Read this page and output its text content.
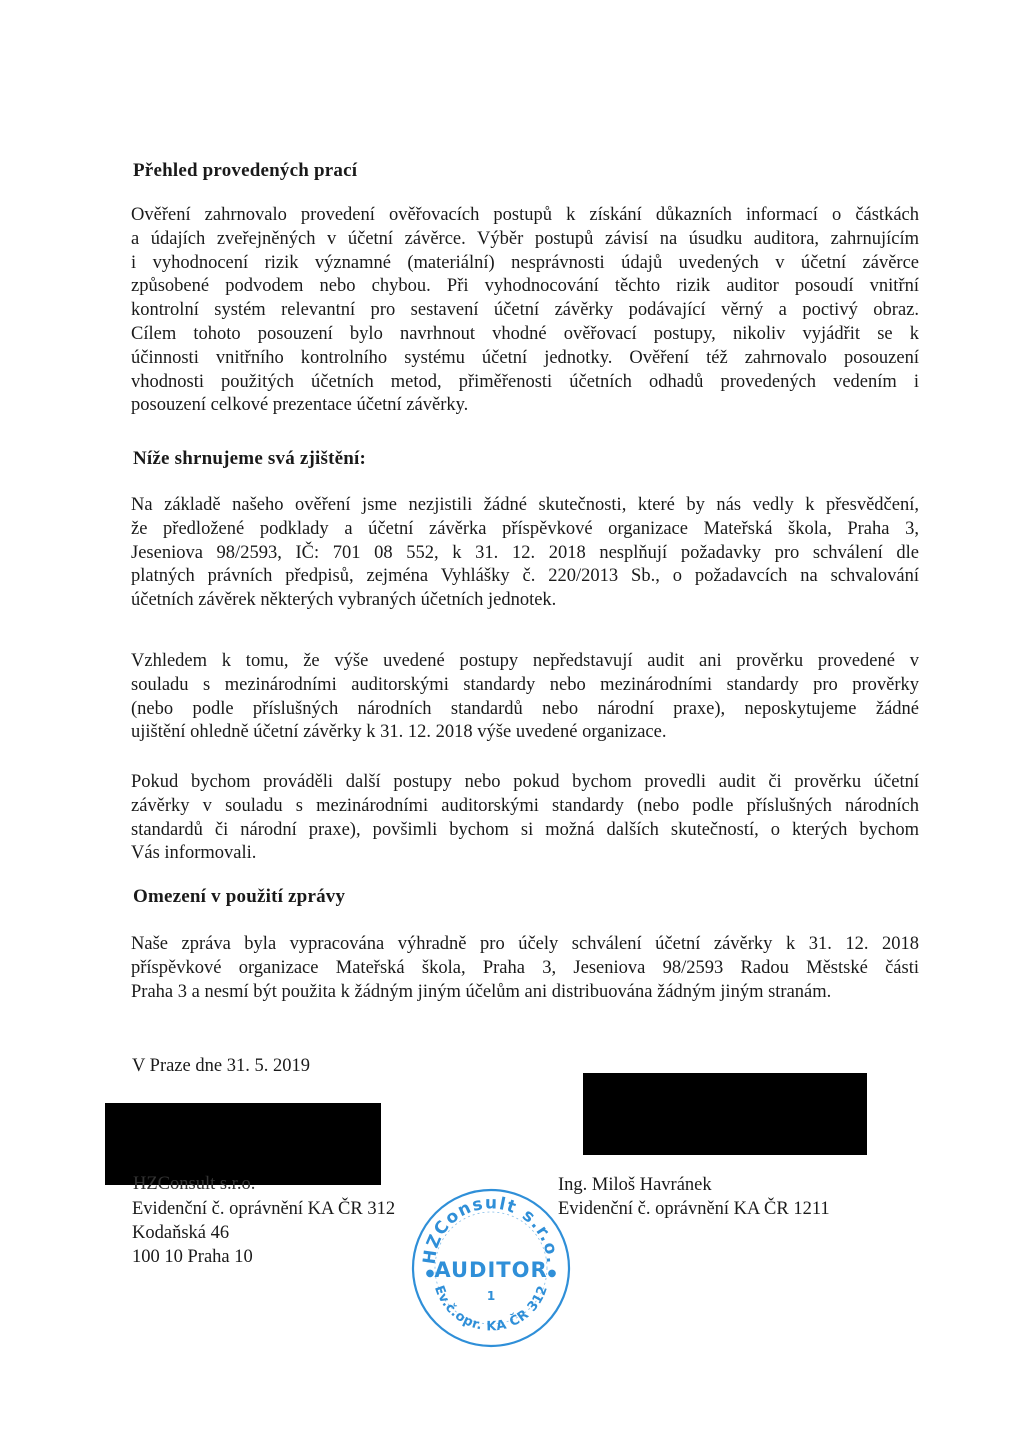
Přehled provedených prací
Ověření zahrnovalo provedení ověřovacích postupů k získání důkazních informací o částkách
a údajích zveřejněných v účetní závěrce. Výběr postupů závisí na úsudku auditora, zahrnujícím
i vyhodnocení rizik významné (materiální) nesprávnosti údajů uvedených v účetní závěrce
způsobené podvodem nebo chybou. Při vyhodnocování těchto rizik auditor posoudí vnitřní
kontrolní systém relevantní pro sestavení účetní závěrky podávající věrný a poctivý obraz.
Cílem tohoto posouzení bylo navrhnout vhodné ověřovací postupy, nikoliv vyjádřit se k
účinnosti vnitřního kontrolního systému účetní jednotky. Ověření též zahrnovalo posouzení
vhodnosti použitých účetních metod, přiměřenosti účetních odhadů provedených vedením i
posouzení celkové prezentace účetní závěrky.
Níže shrnujeme svá zjištění:
Na základě našeho ověření jsme nezjistili žádné skutečnosti, které by nás vedly k přesvědčení,
že předložené podklady a účetní závěrka příspěvkové organizace Mateřská škola, Praha 3,
Jeseniova 98/2593, IČ: 701 08 552, k 31. 12. 2018 nesplňují požadavky pro schválení dle
platných právních předpisů, zejména Vyhlášky č. 220/2013 Sb., o požadavcích na schvalování
účetních závěrek některých vybraných účetních jednotek.
Vzhledem k tomu, že výše uvedené postupy nepředstavují audit ani prověrku provedené v
souladu s mezinárodními auditorskými standardy nebo mezinárodními standardy pro prověrky
(nebo podle příslušných národních standardů nebo národní praxe), neposkytujeme žádné
ujištění ohledně účetní závěrky k 31. 12. 2018 výše uvedené organizace.
Pokud bychom prováděli další postupy nebo pokud bychom provedli audit či prověrku účetní
závěrky v souladu s mezinárodními auditorskými standardy (nebo podle příslušných národních
standardů či národní praxe), povšimli bychom si možná dalších skutečností, o kterých bychom
Vás informovali.
Omezení v použití zprávy
Naše zpráva byla vypracována výhradně pro účely schválení účetní závěrky k 31. 12. 2018
příspěvkové organizace Mateřská škola, Praha 3, Jeseniova 98/2593 Radou Městské části
Praha 3 a nesmí být použita k žádným jiným účelům ani distribuována žádným jiným stranám.

V Praze dne 31. 5. 2019

HZConsult s.r.o.
Evidenční č. oprávnění KA ČR 312
Kodaňská 46
100 10 Praha 10
Ing. Miloš Havránek
Evidenční č. oprávnění KA ČR 1211
HZConsult s.r.o.
AUDITOR
●	●
1
Ev.č.opr. KA ČR 312
